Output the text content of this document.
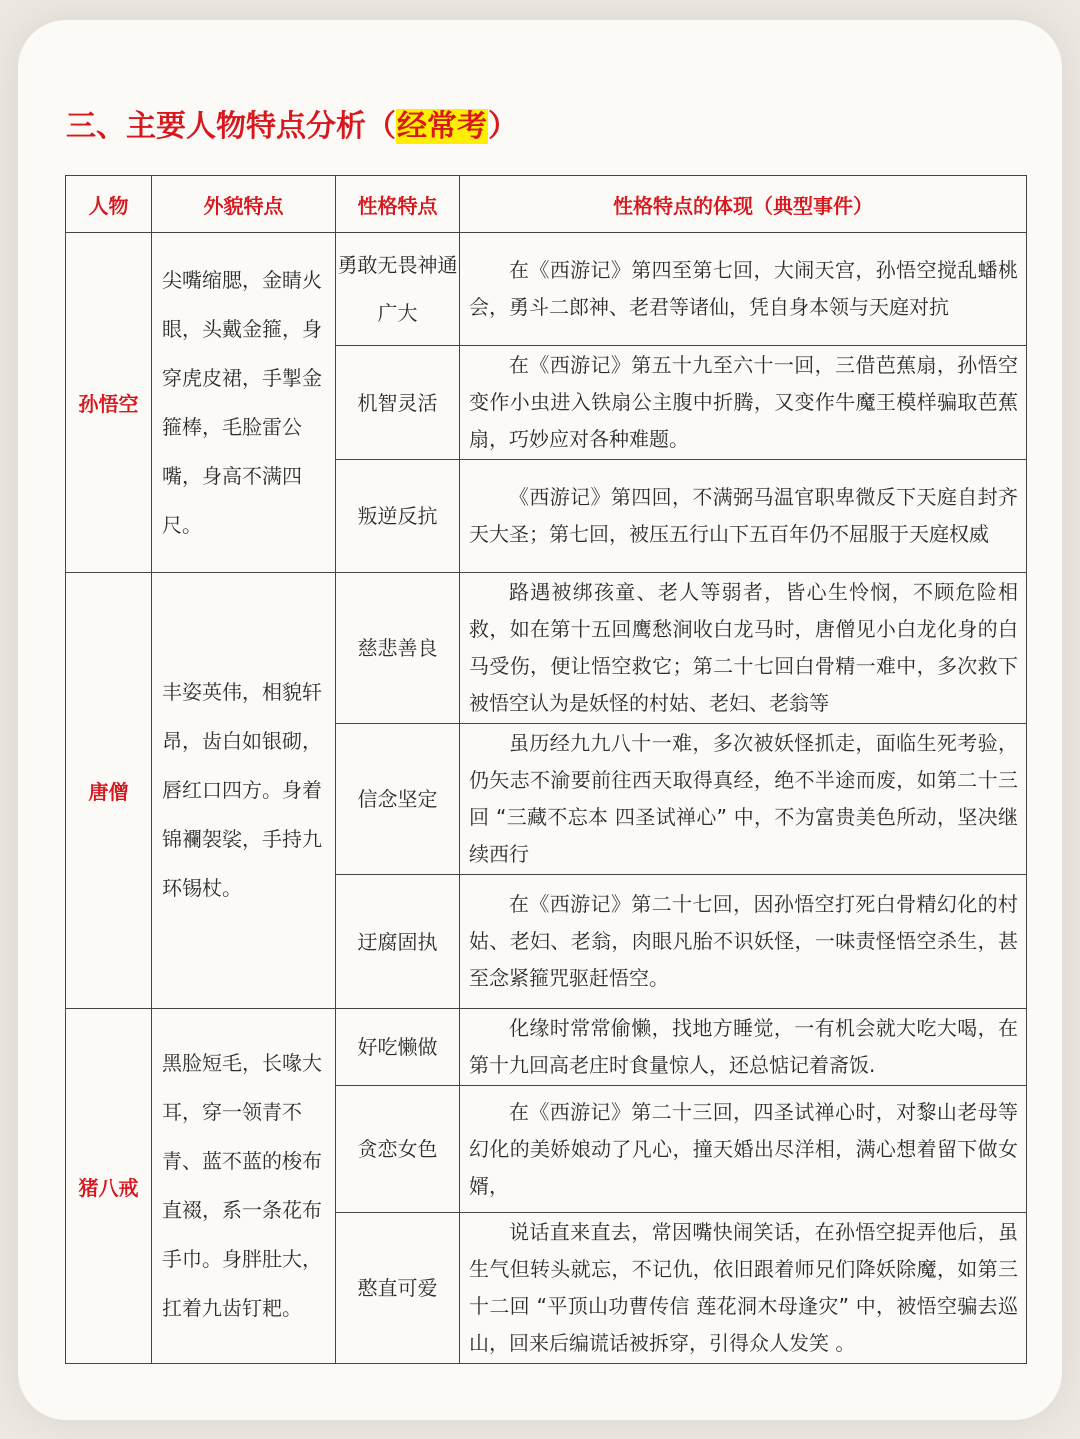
三、主要人物特点分析（经常考）
人物	外貌特点	性格特点	性格特点的体现（典型事件）
孙悟空	尖嘴缩腮，金睛火眼，头戴金箍，身穿虎皮裙，手掣金箍棒，毛脸雷公嘴，身高不满四尺。	勇敢无畏神通广大	在《西游记》第四至第七回，大闹天宫，孙悟空搅乱蟠桃会，勇斗二郎神、老君等诸仙，凭自身本领与天庭对抗
		机智灵活	在《西游记》第五十九至六十一回，三借芭蕉扇，孙悟空变作小虫进入铁扇公主腹中折腾，又变作牛魔王模样骗取芭蕉扇，巧妙应对各种难题。
		叛逆反抗	《西游记》第四回，不满弼马温官职卑微反下天庭自封齐天大圣；第七回，被压五行山下五百年仍不屈服于天庭权威
唐僧	丰姿英伟，相貌轩昂，齿白如银砌，唇红口四方。身着锦襴袈裟，手持九环锡杖。	慈悲善良	路遇被绑孩童、老人等弱者，皆心生怜悯，不顾危险相救，如在第十五回鹰愁涧收白龙马时，唐僧见小白龙化身的白马受伤，便让悟空救它；第二十七回白骨精一难中，多次救下被悟空认为是妖怪的村姑、老妇、老翁等
		信念坚定	虽历经九九八十一难，多次被妖怪抓走，面临生死考验，仍矢志不渝要前往西天取得真经，绝不半途而废，如第二十三回 “三藏不忘本 四圣试禅心” 中，不为富贵美色所动，坚决继续西行
		迂腐固执	在《西游记》第二十七回，因孙悟空打死白骨精幻化的村姑、老妇、老翁，肉眼凡胎不识妖怪，一味责怪悟空杀生，甚至念紧箍咒驱赶悟空。
猪八戒	黑脸短毛，长喙大耳，穿一领青不青、蓝不蓝的梭布直裰，系一条花布手巾。身胖肚大，扛着九齿钉耙。	好吃懒做	化缘时常常偷懒，找地方睡觉，一有机会就大吃大喝，在第十九回高老庄时食量惊人，还总惦记着斋饭.
		贪恋女色	在《西游记》第二十三回，四圣试禅心时，对黎山老母等幻化的美娇娘动了凡心，撞天婚出尽洋相，满心想着留下做女婿，
		憨直可爱	说话直来直去，常因嘴快闹笑话，在孙悟空捉弄他后，虽生气但转头就忘，不记仇，依旧跟着师兄们降妖除魔，如第三十二回 “平顶山功曹传信 莲花洞木母逢灾” 中，被悟空骗去巡山，回来后编谎话被拆穿，引得众人发笑 。
